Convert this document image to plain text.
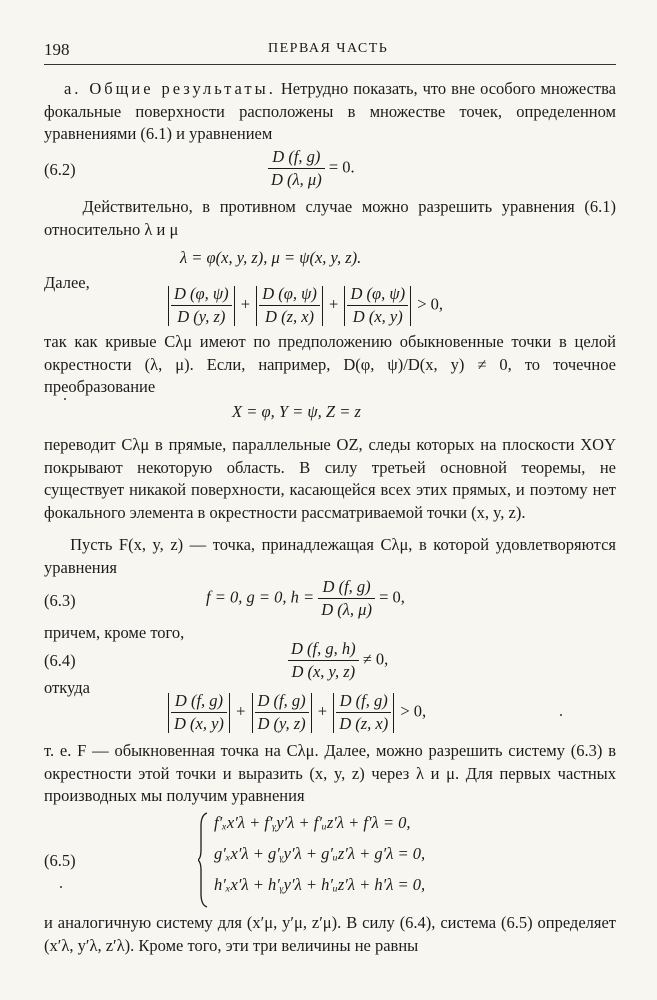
198	ПЕРВАЯ ЧАСТЬ

a. Общие результаты. Нетрудно показать, что вне особого множества фокальные поверхности расположены в множестве точек, определенном уравнениями (6.1) и уравнением

(6.2)	$\frac{D (f, g)}{D (\lambda, \mu)} = 0$.

Действительно, в противном случае можно разрешить уравнения (6.1) относительно λ и μ

λ = φ(x, y, z), μ = ψ(x, y, z).
Далее,
$\frac{D (\varphi, \psi)}{D (y, z)} + \frac{D (\varphi, \psi)}{D (z, x)} + \frac{D (\varphi, \psi)}{D (x, y)} > 0$,

так как кривые Cλμ имеют по предположению обыкновенные точки в целой окрестности (λ, μ). Если, например, D(φ, ψ)/D(x, y) ≠ 0, то точечное преобразование

X = φ, Y = ψ, Z = z

переводит Cλμ в прямые, параллельные OZ, следы которых на плоскости XOY покрывают некоторую область. В силу третьей основной теоремы, не существует никакой поверхности, касающейся всех этих прямых, и поэтому нет фокального элемента в окрестности рассматриваемой точки (x, y, z).

Пусть F(x, y, z) — точка, принадлежащая Cλμ, в которой удовлетворяются уравнения

(6.3)	f = 0, g = 0, $h = \frac{D (f, g)}{D (\lambda, \mu)} = 0$,
причем, кроме того,
(6.4)	$\frac{D (f, g, h)}{D (x, y, z)} \ne 0$,
откуда
$\frac{D (f, g)}{D (x, y)} + \frac{D (f, g)}{D (y, z)} + \frac{D (f, g)}{D (z, x)} > 0$,

т. е. F — обыкновенная точка на Cλμ. Далее, можно разрешить систему (6.3) в окрестности этой точки и выразить (x, y, z) через λ и μ. Для первых частных производных мы получим уравнения

(6.5)
f′ₓx′λ + f′ᵧy′λ + f′ᵤz′λ + f′λ = 0,
g′ₓx′λ + g′ᵧy′λ + g′ᵤz′λ + g′λ = 0,
h′ₓx′λ + h′ᵧy′λ + h′ᵤz′λ + h′λ = 0,

и аналогичную систему для (x′μ, y′μ, z′μ). В силу (6.4), система (6.5) определяет (x′λ, y′λ, z′λ). Кроме того, эти три величины не равны
